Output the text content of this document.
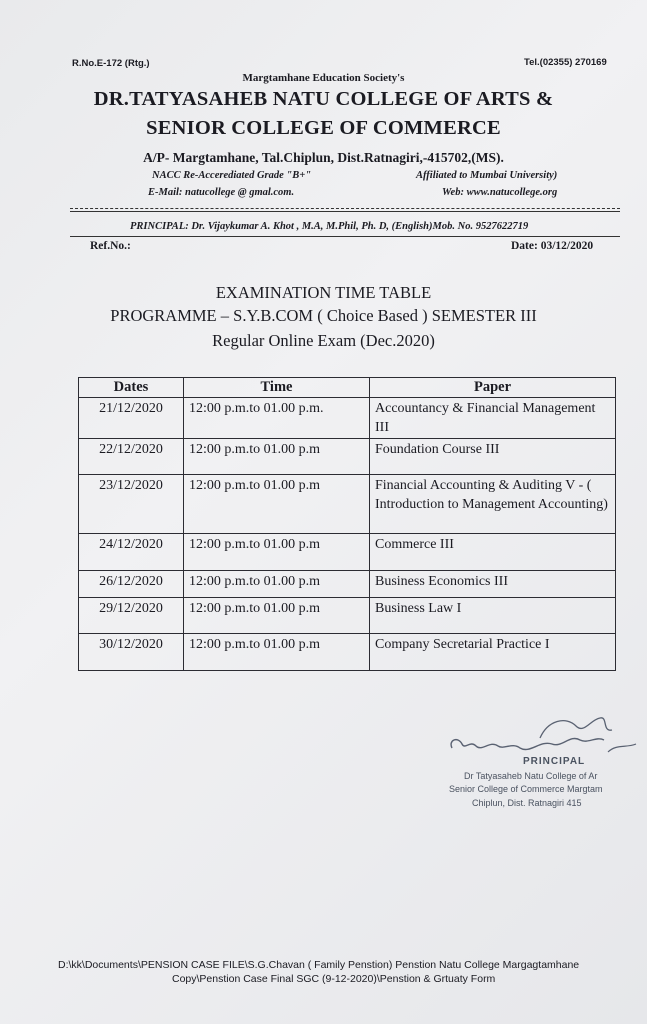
R.No.E-172 (Rtg.)	Tel.(02355) 270169
Margtamhane Education Society's
DR.TATYASAHEB NATU COLLEGE OF ARTS &
SENIOR COLLEGE OF COMMERCE
A/P- Margtamhane, Tal.Chiplun, Dist.Ratnagiri,-415702,(MS).
NACC Re-Accerediated Grade "B+"	Affiliated to Mumbai University)
E-Mail: natucollege @ gmal.com.	Web: www.natucollege.org
PRINCIPAL: Dr. Vijaykumar A. Khot , M.A, M.Phil, Ph. D, (English)Mob. No. 9527622719
Ref.No.:	Date: 03/12/2020
EXAMINATION TIME TABLE
PROGRAMME – S.Y.B.COM ( Choice Based ) SEMESTER III
Regular Online Exam (Dec.2020)
Dates	Time	Paper
21/12/2020	12:00 p.m.to 01.00 p.m.	Accountancy & Financial Management III
22/12/2020	12:00 p.m.to 01.00 p.m	Foundation Course III
23/12/2020	12:00 p.m.to 01.00 p.m	Financial Accounting & Auditing V - ( Introduction to Management Accounting)
24/12/2020	12:00 p.m.to 01.00 p.m	Commerce III
26/12/2020	12:00 p.m.to 01.00 p.m	Business Economics III
29/12/2020	12:00 p.m.to 01.00 p.m	Business Law I
30/12/2020	12:00 p.m.to 01.00 p.m	Company Secretarial Practice I
PRINCIPAL
Dr Tatyasaheb Natu College of Ar
Senior College of Commerce Margtam
Chiplun, Dist. Ratnagiri 415
D:\kk\Documents\PENSION CASE FILE\S.G.Chavan ( Family Penstion) Penstion Natu College Margagtamhane
Copy\Penstion Case Final SGC (9-12-2020)\Penstion & Grtuaty Form
